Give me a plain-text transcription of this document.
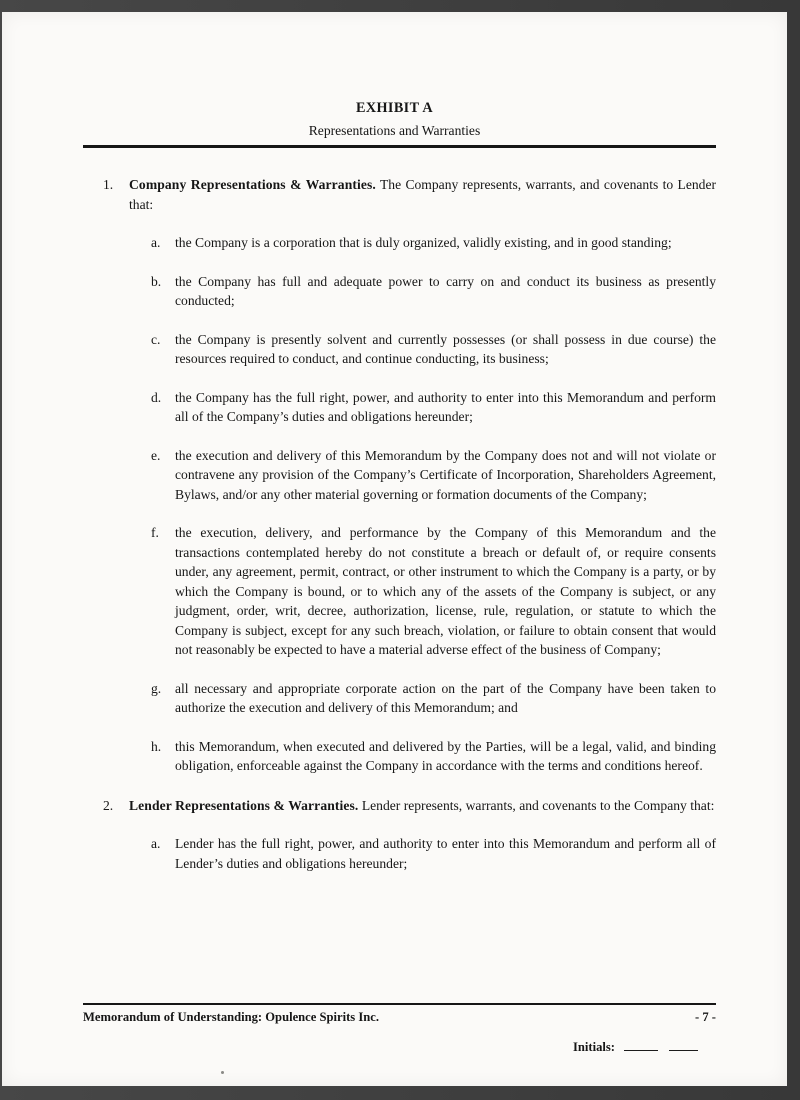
EXHIBIT A
Representations and Warranties
1.	Company Representations & Warranties. The Company represents, warrants, and covenants to Lender that:

a.	the Company is a corporation that is duly organized, validly existing, and in good standing;

b.	the Company has full and adequate power to carry on and conduct its business as presently conducted;

c.	the Company is presently solvent and currently possesses (or shall possess in due course) the resources required to conduct, and continue conducting, its business;

d.	the Company has the full right, power, and authority to enter into this Memorandum and perform all of the Company’s duties and obligations hereunder;

e.	the execution and delivery of this Memorandum by the Company does not and will not violate or contravene any provision of the Company’s Certificate of Incorporation, Shareholders Agreement, Bylaws, and/or any other material governing or formation documents of the Company;

f.	the execution, delivery, and performance by the Company of this Memorandum and the transactions contemplated hereby do not constitute a breach or default of, or require consents under, any agreement, permit, contract, or other instrument to which the Company is a party, or by which the Company is bound, or to which any of the assets of the Company is subject, or any judgment, order, writ, decree, authorization, license, rule, regulation, or statute to which the Company is subject, except for any such breach, violation, or failure to obtain consent that would not reasonably be expected to have a material adverse effect of the business of Company;

g.	all necessary and appropriate corporate action on the part of the Company have been taken to authorize the execution and delivery of this Memorandum; and

h.	this Memorandum, when executed and delivered by the Parties, will be a legal, valid, and binding obligation, enforceable against the Company in accordance with the terms and conditions hereof.

2.	Lender Representations & Warranties. Lender represents, warrants, and covenants to the Company that:

a.	Lender has the full right, power, and authority to enter into this Memorandum and perform all of Lender’s duties and obligations hereunder;

Memorandum of Understanding: Opulence Spirits Inc.	- 7 -
Initials:
